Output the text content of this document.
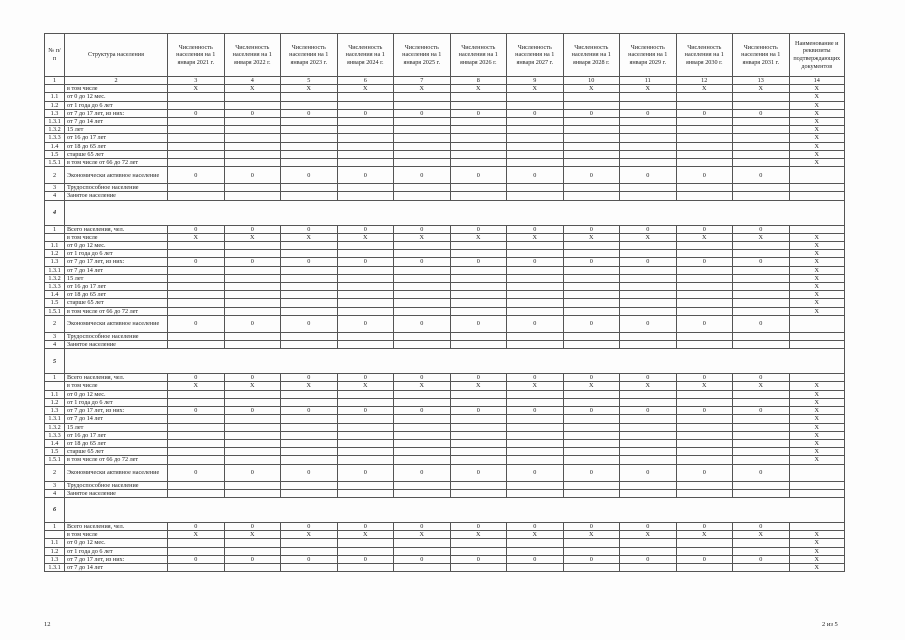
№ п/п	Структура населения	Численность населения на 1 января 2021 г.	Численность населения на 1 января 2022 г.	Численность населения на 1 января 2023 г.	Численность населения на 1 января 2024 г.	Численность населения на 1 января 2025 г.	Численность населения на 1 января 2026 г.	Численность населения на 1 января 2027 г.	Численность населения на 1 января 2028 г.	Численность населения на 1 января 2029 г.	Численность населения на 1 января 2030 г.	Численность населения на 1 января 2031 г.	Наименование и реквизиты подтверждающих документов
1	2	3	4	5	6	7	8	9	10	11	12	13	14
	в том числе	X	X	X	X	X	X	X	X	X	X	X	X
1.1	от 0 до 12 мес.												X
1.2	от 1 года до 6 лет												X
1.3	от 7 до 17 лет, из них:	0	0	0	0	0	0	0	0	0	0	0	X
1.3.1	от 7 до 14 лет												X
1.3.2	15 лет												X
1.3.3	от 16 до 17 лет												X
1.4	от 18 до 65 лет												X
1.5	старше 65 лет												X
1.5.1	в том числе от 66 до 72 лет												X
2	Экономически активное население	0	0	0	0	0	0	0	0	0	0	0	
3	Трудоспособное население												
4	Занятое население												
4													
1	Всего населения, чел.	0	0	0	0	0	0	0	0	0	0	0	
	в том числе	X	X	X	X	X	X	X	X	X	X	X	X
1.1	от 0 до 12 мес.												X
1.2	от 1 года до 6 лет												X
1.3	от 7 до 17 лет, из них:	0	0	0	0	0	0	0	0	0	0	0	X
1.3.1	от 7 до 14 лет												X
1.3.2	15 лет												X
1.3.3	от 16 до 17 лет												X
1.4	от 18 до 65 лет												X
1.5	старше 65 лет												X
1.5.1	в том числе от 66 до 72 лет												X
2	Экономически активное население	0	0	0	0	0	0	0	0	0	0	0	
3	Трудоспособное население												
4	Занятое население												
5													
1	Всего населения, чел.	0	0	0	0	0	0	0	0	0	0	0	
	в том числе	X	X	X	X	X	X	X	X	X	X	X	X
1.1	от 0 до 12 мес.												X
1.2	от 1 года до 6 лет												X
1.3	от 7 до 17 лет, из них:	0	0	0	0	0	0	0	0	0	0	0	X
1.3.1	от 7 до 14 лет												X
1.3.2	15 лет												X
1.3.3	от 16 до 17 лет												X
1.4	от 18 до 65 лет												X
1.5	старше 65 лет												X
1.5.1	в том числе от 66 до 72 лет												X
2	Экономически активное население	0	0	0	0	0	0	0	0	0	0	0	
3	Трудоспособное население												
4	Занятое население												
6													
1	Всего населения, чел.	0	0	0	0	0	0	0	0	0	0	0	
	в том числе	X	X	X	X	X	X	X	X	X	X	X	X
1.1	от 0 до 12 мес.												X
1.2	от 1 года до 6 лет												X
1.3	от 7 до 17 лет, из них:	0	0	0	0	0	0	0	0	0	0	0	X
1.3.1	от 7 до 14 лет												X
12	2 из 5
